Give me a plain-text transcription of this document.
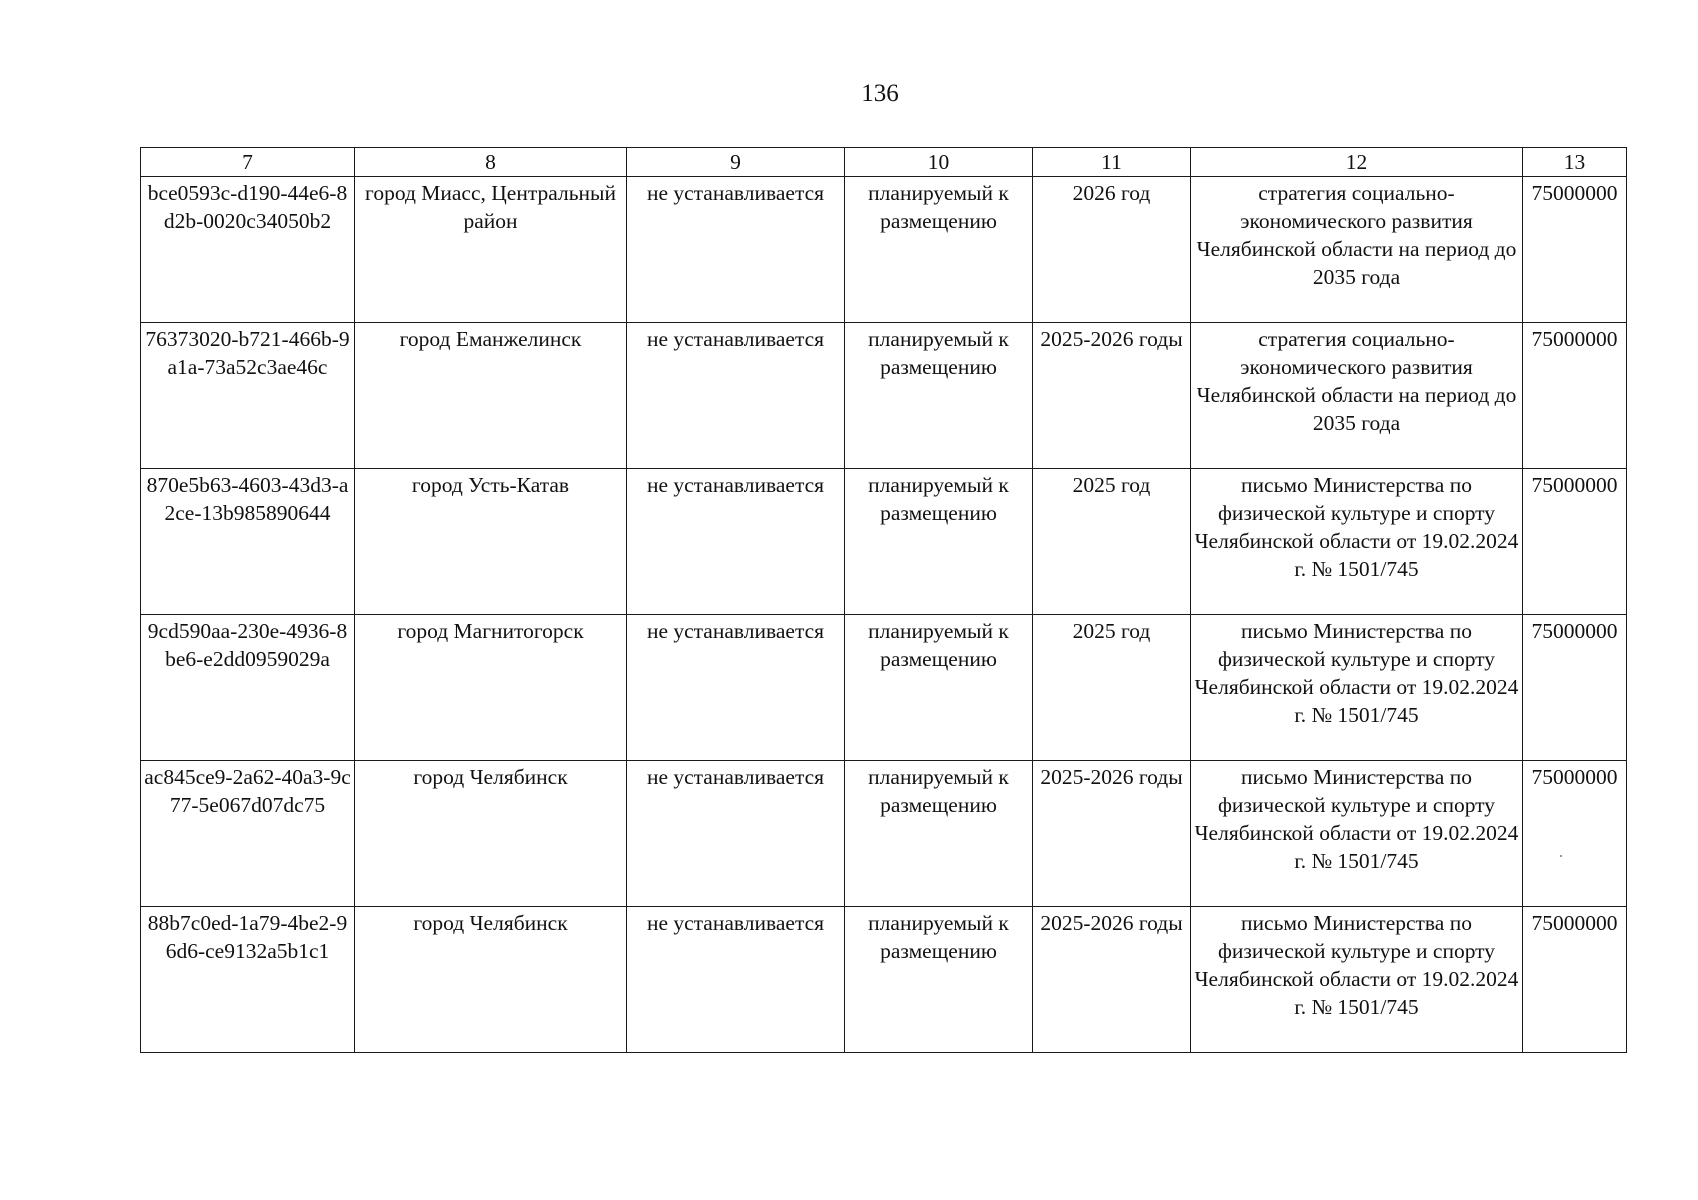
136
7	8	9	10	11	12	13
bce0593c-d190-44e6-8d2b-0020c34050b2	город Миасс, Центральный район	не устанавливается	планируемый к размещению	2026 год	стратегия социально-экономического развития Челябинской области на период до 2035 года	75000000
76373020-b721-466b-9a1a-73a52c3ae46c	город Еманжелинск	не устанавливается	планируемый к размещению	2025-2026 годы	стратегия социально-экономического развития Челябинской области на период до 2035 года	75000000
870e5b63-4603-43d3-a2ce-13b985890644	город Усть-Катав	не устанавливается	планируемый к размещению	2025 год	письмо Министерства по физической культуре и спорту Челябинской области от 19.02.2024 г. № 1501/745	75000000
9cd590aa-230e-4936-8be6-e2dd0959029a	город Магнитогорск	не устанавливается	планируемый к размещению	2025 год	письмо Министерства по физической культуре и спорту Челябинской области от 19.02.2024 г. № 1501/745	75000000
ac845ce9-2a62-40a3-9c77-5e067d07dc75	город Челябинск	не устанавливается	планируемый к размещению	2025-2026 годы	письмо Министерства по физической культуре и спорту Челябинской области от 19.02.2024 г. № 1501/745	75000000
88b7c0ed-1a79-4be2-96d6-ce9132a5b1c1	город Челябинск	не устанавливается	планируемый к размещению	2025-2026 годы	письмо Министерства по физической культуре и спорту Челябинской области от 19.02.2024 г. № 1501/745	75000000
